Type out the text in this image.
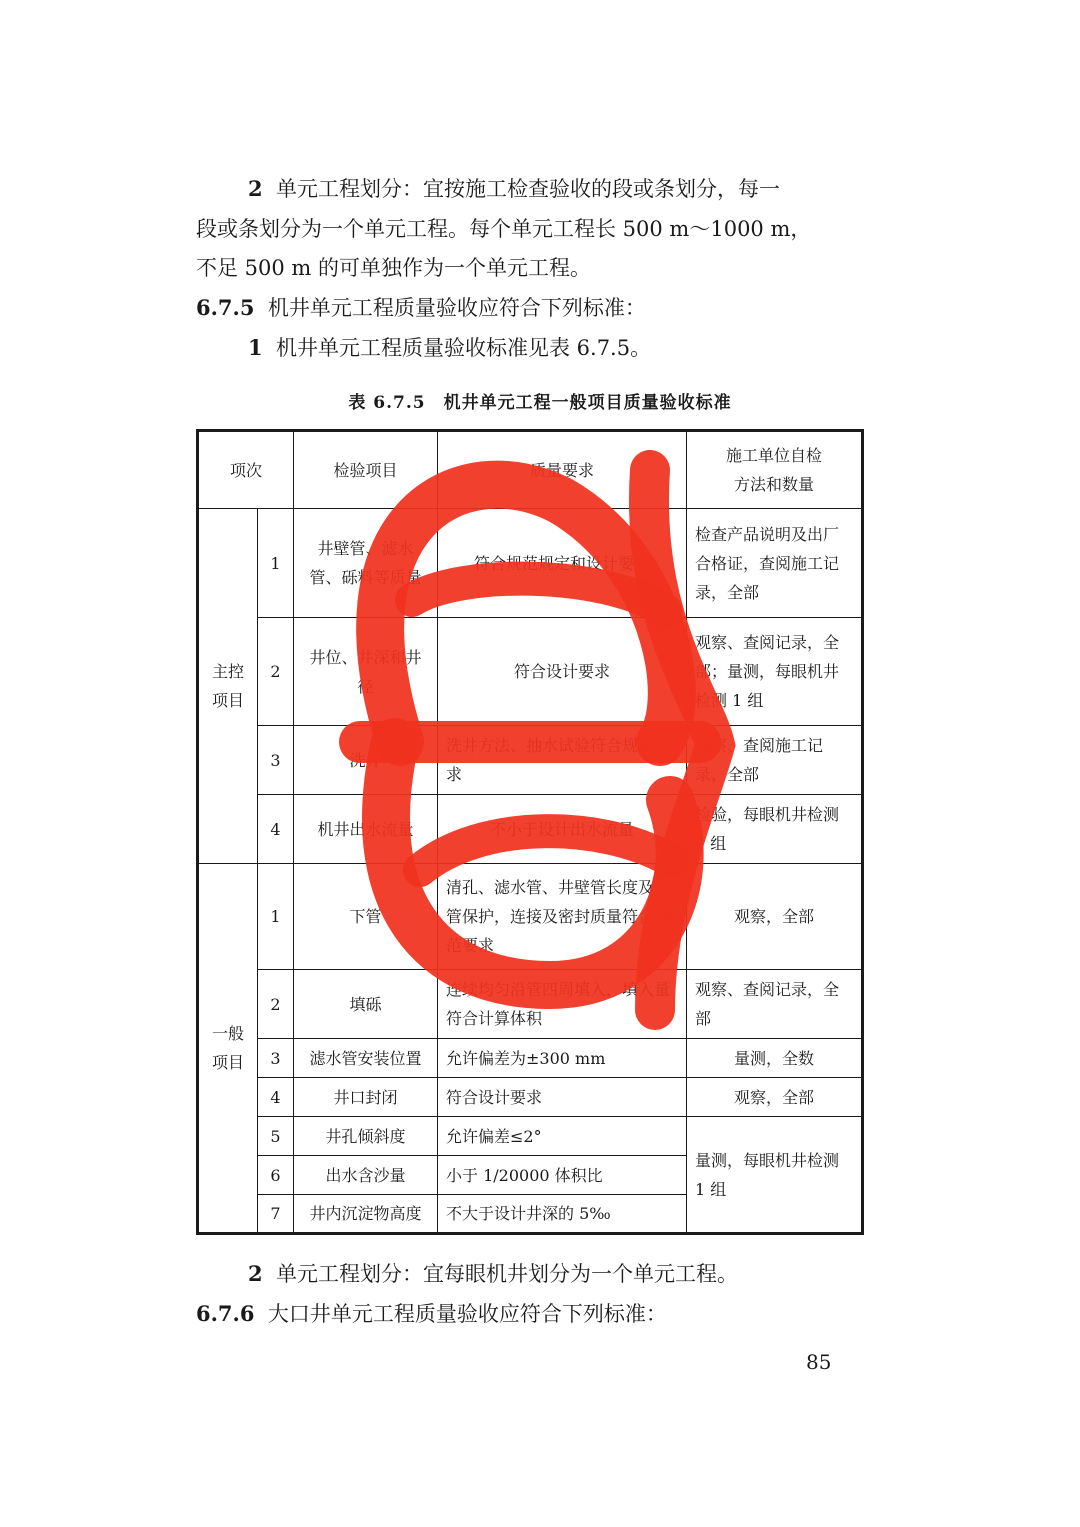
2 单元工程划分：宜按施工检查验收的段或条划分，每一
段或条划分为一个单元工程。每个单元工程长 500 m～1000 m，
不足 500 m 的可单独作为一个单元工程。
6.7.5 机井单元工程质量验收应符合下列标准：
1 机井单元工程质量验收标准见表 6.7.5。
表 6.7.5　机井单元工程一般项目质量验收标准
项次		检验项目	质量要求	施工单位自检
方法和数量
主控
项目	1	井壁管、滤水管、砾料等质量	符合规范规定和设计要求	检查产品说明及出厂合格证，查阅施工记录，全部
	2	井位、井深和井径	符合设计要求	观察、查阅记录，全部；量测，每眼机井检测 1 组
	3	洗井	洗井方法、抽水试验符合规范要求	观察、查阅施工记录，全部
	4	机井出水流量	不小于设计出水流量	检验，每眼机井检测 1 组
一般
项目	1	下管	清孔、滤水管、井壁管长度及下管保护，连接及密封质量符合规范要求	观察，全部
	2	填砾	连续均匀沿管四周填入，填入量符合计算体积	观察、查阅记录，全部
	3	滤水管安装位置	允许偏差为±300 mm	量测，全数
	4	井口封闭	符合设计要求	观察，全部
	5	井孔倾斜度	允许偏差≤2°	量测，每眼机井检测 1 组
	6	出水含沙量	小于 1/20000 体积比	
	7	井内沉淀物高度	不大于设计井深的 5‰	
2 单元工程划分：宜每眼机井划分为一个单元工程。
6.7.6 大口井单元工程质量验收应符合下列标准：
85
